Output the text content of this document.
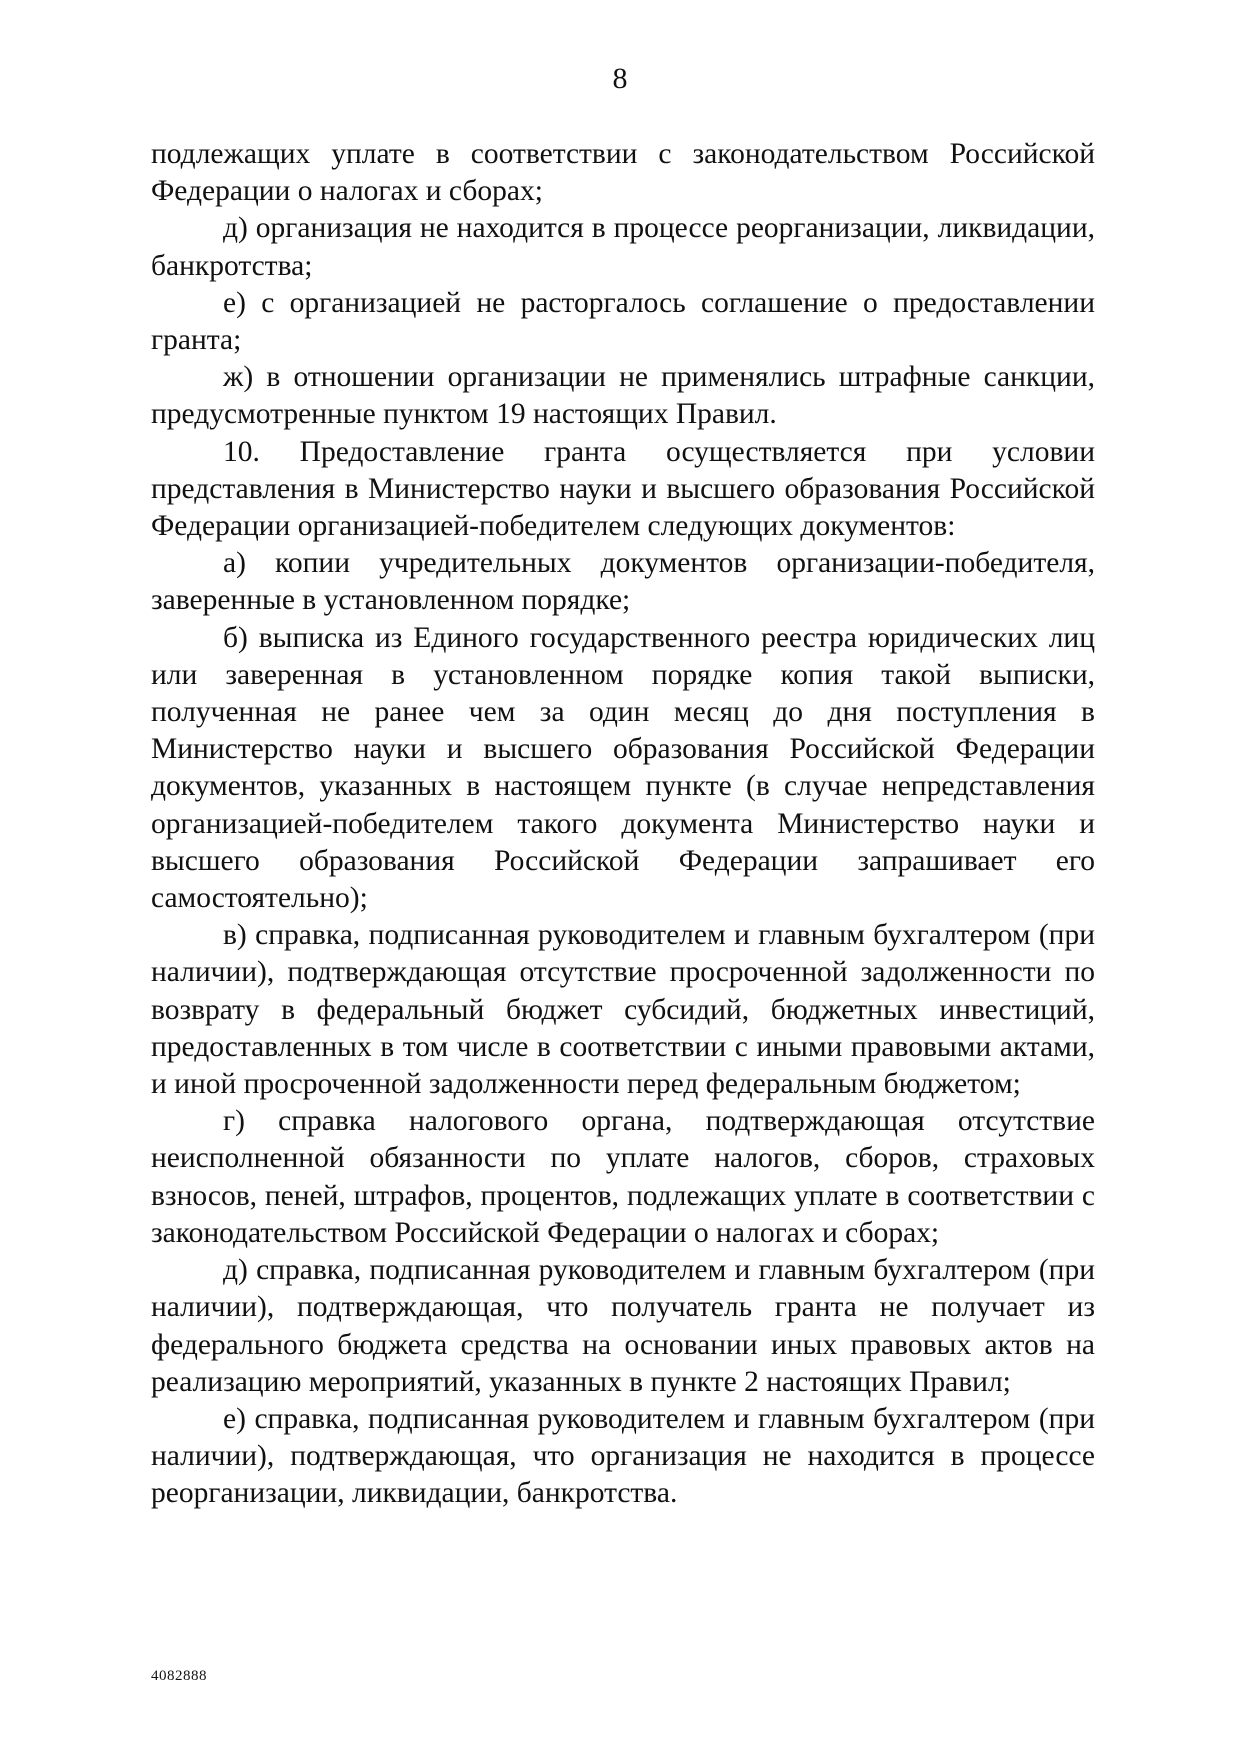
8

подлежащих уплате в соответствии с законодательством Российской Федерации о налогах и сборах;

д) организация не находится в процессе реорганизации, ликвидации, банкротства;

е) с организацией не расторгалось соглашение о предоставлении гранта;

ж) в отношении организации не применялись штрафные санкции, предусмотренные пунктом 19 настоящих Правил.

10. Предоставление гранта осуществляется при условии представления в Министерство науки и высшего образования Российской Федерации организацией-победителем следующих документов:

а) копии учредительных документов организации-победителя, заверенные в установленном порядке;

б) выписка из Единого государственного реестра юридических лиц или заверенная в установленном порядке копия такой выписки, полученная не ранее чем за один месяц до дня поступления в Министерство науки и высшего образования Российской Федерации документов, указанных в настоящем пункте (в случае непредставления организацией-победителем такого документа Министерство науки и высшего образования Российской Федерации запрашивает его самостоятельно);

в) справка, подписанная руководителем и главным бухгалтером (при наличии), подтверждающая отсутствие просроченной задолженности по возврату в федеральный бюджет субсидий, бюджетных инвестиций, предоставленных в том числе в соответствии с иными правовыми актами, и иной просроченной задолженности перед федеральным бюджетом;

г) справка налогового органа, подтверждающая отсутствие неисполненной обязанности по уплате налогов, сборов, страховых взносов, пеней, штрафов, процентов, подлежащих уплате в соответствии с законодательством Российской Федерации о налогах и сборах;

д) справка, подписанная руководителем и главным бухгалтером (при наличии), подтверждающая, что получатель гранта не получает из федерального бюджета средства на основании иных правовых актов на реализацию мероприятий, указанных в пункте 2 настоящих Правил;

е) справка, подписанная руководителем и главным бухгалтером (при наличии), подтверждающая, что организация не находится в процессе реорганизации, ликвидации, банкротства.

4082888
